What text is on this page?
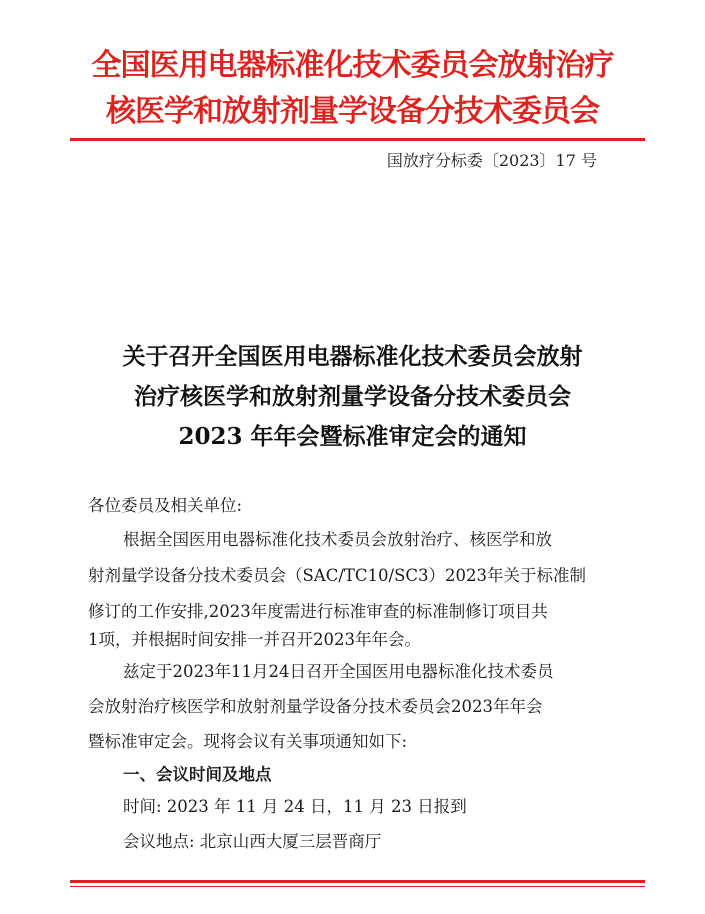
全国医用电器标准化技术委员会放射治疗
核医学和放射剂量学设备分技术委员会
国放疗分标委〔2023〕17 号
关于召开全国医用电器标准化技术委员会放射
治疗核医学和放射剂量学设备分技术委员会
2023 年年会暨标准审定会的通知
各位委员及相关单位:
根据全国医用电器标准化技术委员会放射治疗、核医学和放
射剂量学设备分技术委员会（SAC/TC10/SC3）2023年关于标准制
修订的工作安排,2023年度需进行标准审查的标准制修订项目共
1项，并根据时间安排一并召开2023年年会。
兹定于2023年11月24日召开全国医用电器标准化技术委员
会放射治疗核医学和放射剂量学设备分技术委员会2023年年会
暨标准审定会。现将会议有关事项通知如下:
一、会议时间及地点
时间: 2023 年 11 月 24 日，11 月 23 日报到
会议地点: 北京山西大厦三层晋商厅
